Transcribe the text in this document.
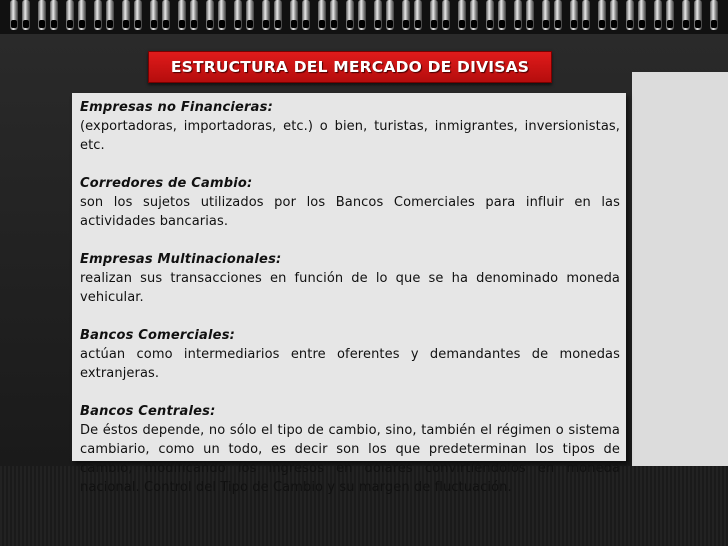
ESTRUCTURA DEL MERCADO DE DIVISAS
Empresas no Financieras:
(exportadoras, importadoras, etc.) o bien, turistas, inmigrantes, inversionistas, etc.
Corredores de Cambio:
son los sujetos utilizados por los Bancos Comerciales para influir en las actividades bancarias.
Empresas Multinacionales:
realizan sus transacciones en función de lo que se ha denominado moneda vehicular.
Bancos Comerciales:
actúan como intermediarios entre oferentes y demandantes de monedas extranjeras.
Bancos Centrales:
De éstos depende, no sólo el tipo de cambio, sino, también el régimen o sistema cambiario, como un todo, es decir son los que predeterminan los tipos de cambio, modificando los ingresos en dólares convirtiéndolos en moneda nacional. Control del Tipo de Cambio y su margen de fluctuación.
